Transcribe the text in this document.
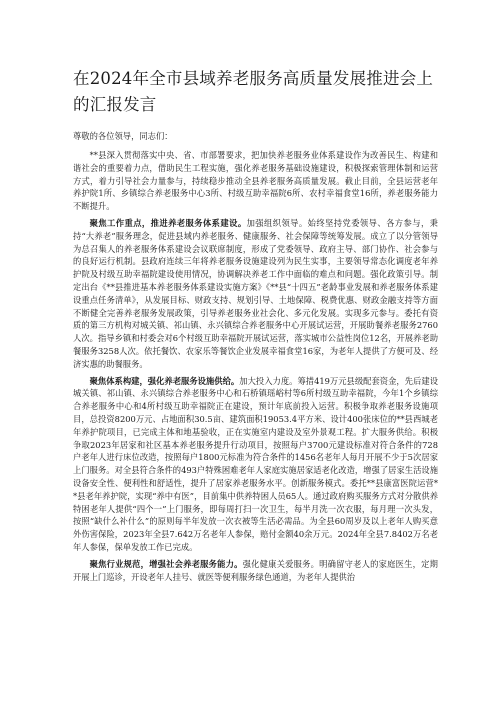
在2024年全市县域养老服务高质量发展推进会上的汇报发言

尊敬的各位领导，同志们：

**县深入贯彻落实中央、省、市部署要求，把加快养老服务业体系建设作为改善民生、构建和谐社会的重要着力点，借助民生工程实施，强化养老服务基础设施建设，积极探索管理体制和运营方式，着力引导社会力量参与，持续稳步推动全县养老服务高质量发展。截止目前，全县运营老年养护院1所、乡镇综合养老服务中心3所、村级互助幸福院6所、农村幸福食堂16所，养老服务能力不断提升。

聚焦工作重点，推进养老服务体系建设。加强组织领导。始终坚持党委领导、各方参与，秉持“大养老”服务理念，促进县域内养老服务、健康服务、社会保障等统筹发展。成立了以分管领导为总召集人的养老服务体系建设会议联席制度，形成了党委领导、政府主导、部门协作、社会参与的良好运行机制。县政府连续三年将养老服务设施建设列为民生实事，主要领导常态化调度老年养护院及村级互助幸福院建设使用情况，协调解决养老工作中面临的难点和问题。强化政策引导。制定出台《**县推进基本养老服务体系建设实施方案》《**县“十四五”老龄事业发展和养老服务体系建设重点任务清单》，从发展目标、财政支持、规划引导、土地保障、税费优惠、财政金融支持等方面不断健全完善养老服务发展政策，引导养老服务业社会化、多元化发展。实现多元参与。委托有资质的第三方机构对城关镇、祁山镇、永兴镇综合养老服务中心开展试运营，开展助餐养老服务2760人次。指导乡镇和村委会对6个村级互助幸福院开展试运营，落实城市公益性岗位12名，开展养老助餐服务3258人次。依托餐饮、农家乐等餐饮企业发展幸福食堂16家，为老年人提供了方便可及、经济实惠的助餐服务。

聚焦体系构建，强化养老服务设施供给。加大投入力度。筹措419万元县级配套资金，先后建设城关镇、祁山镇、永兴镇综合养老服务中心和石桥镇瑶峪村等6所村级互助幸福院，今年1个乡镇综合养老服务中心和4所村级互助幸福院正在建设，预计年底前投入运营。积极争取养老服务设施项目，总投资8200万元、占地面积30.5亩、建筑面积19053.4平方米、设计400张床位的**县西城老年养护院项目，已完成主体和地基验收，正在实施室内建设及室外景观工程。扩大服务供给。积极争取2023年居家和社区基本养老服务提升行动项目，按照每户3700元建设标准对符合条件的728户老年人进行床位改造，按照每户1800元标准为符合条件的1456名老年人每月开展不少于5次居家上门服务。对全县符合条件的493户特殊困难老年人家庭实施居家适老化改造，增强了居家生活设施设备安全性、便利性和舒适性，提升了居家养老服务水平。创新服务模式。委托**县康富医院运营**县老年养护院，实现“养中有医”，目前集中供养特困人员65人。通过政府购买服务方式对分散供养特困老年人提供“四个一”上门服务，即每周打扫一次卫生，每半月洗一次衣服，每月理一次头发，按照“缺什么补什么”的原则每半年发放一次衣被等生活必需品。为全县60周岁及以上老年人购买意外伤害保险，2023年全县7.642万名老年人参保，赔付金额40余万元。2024年全县7.8402万名老年人参保，保单发放工作已完成。

聚焦行业规范，增强社会养老服务能力。强化健康关爱服务。明确留守老人的家庭医生，定期开展上门巡诊，开设老年人挂号、就医等便利服务绿色通道，为老年人提供治
